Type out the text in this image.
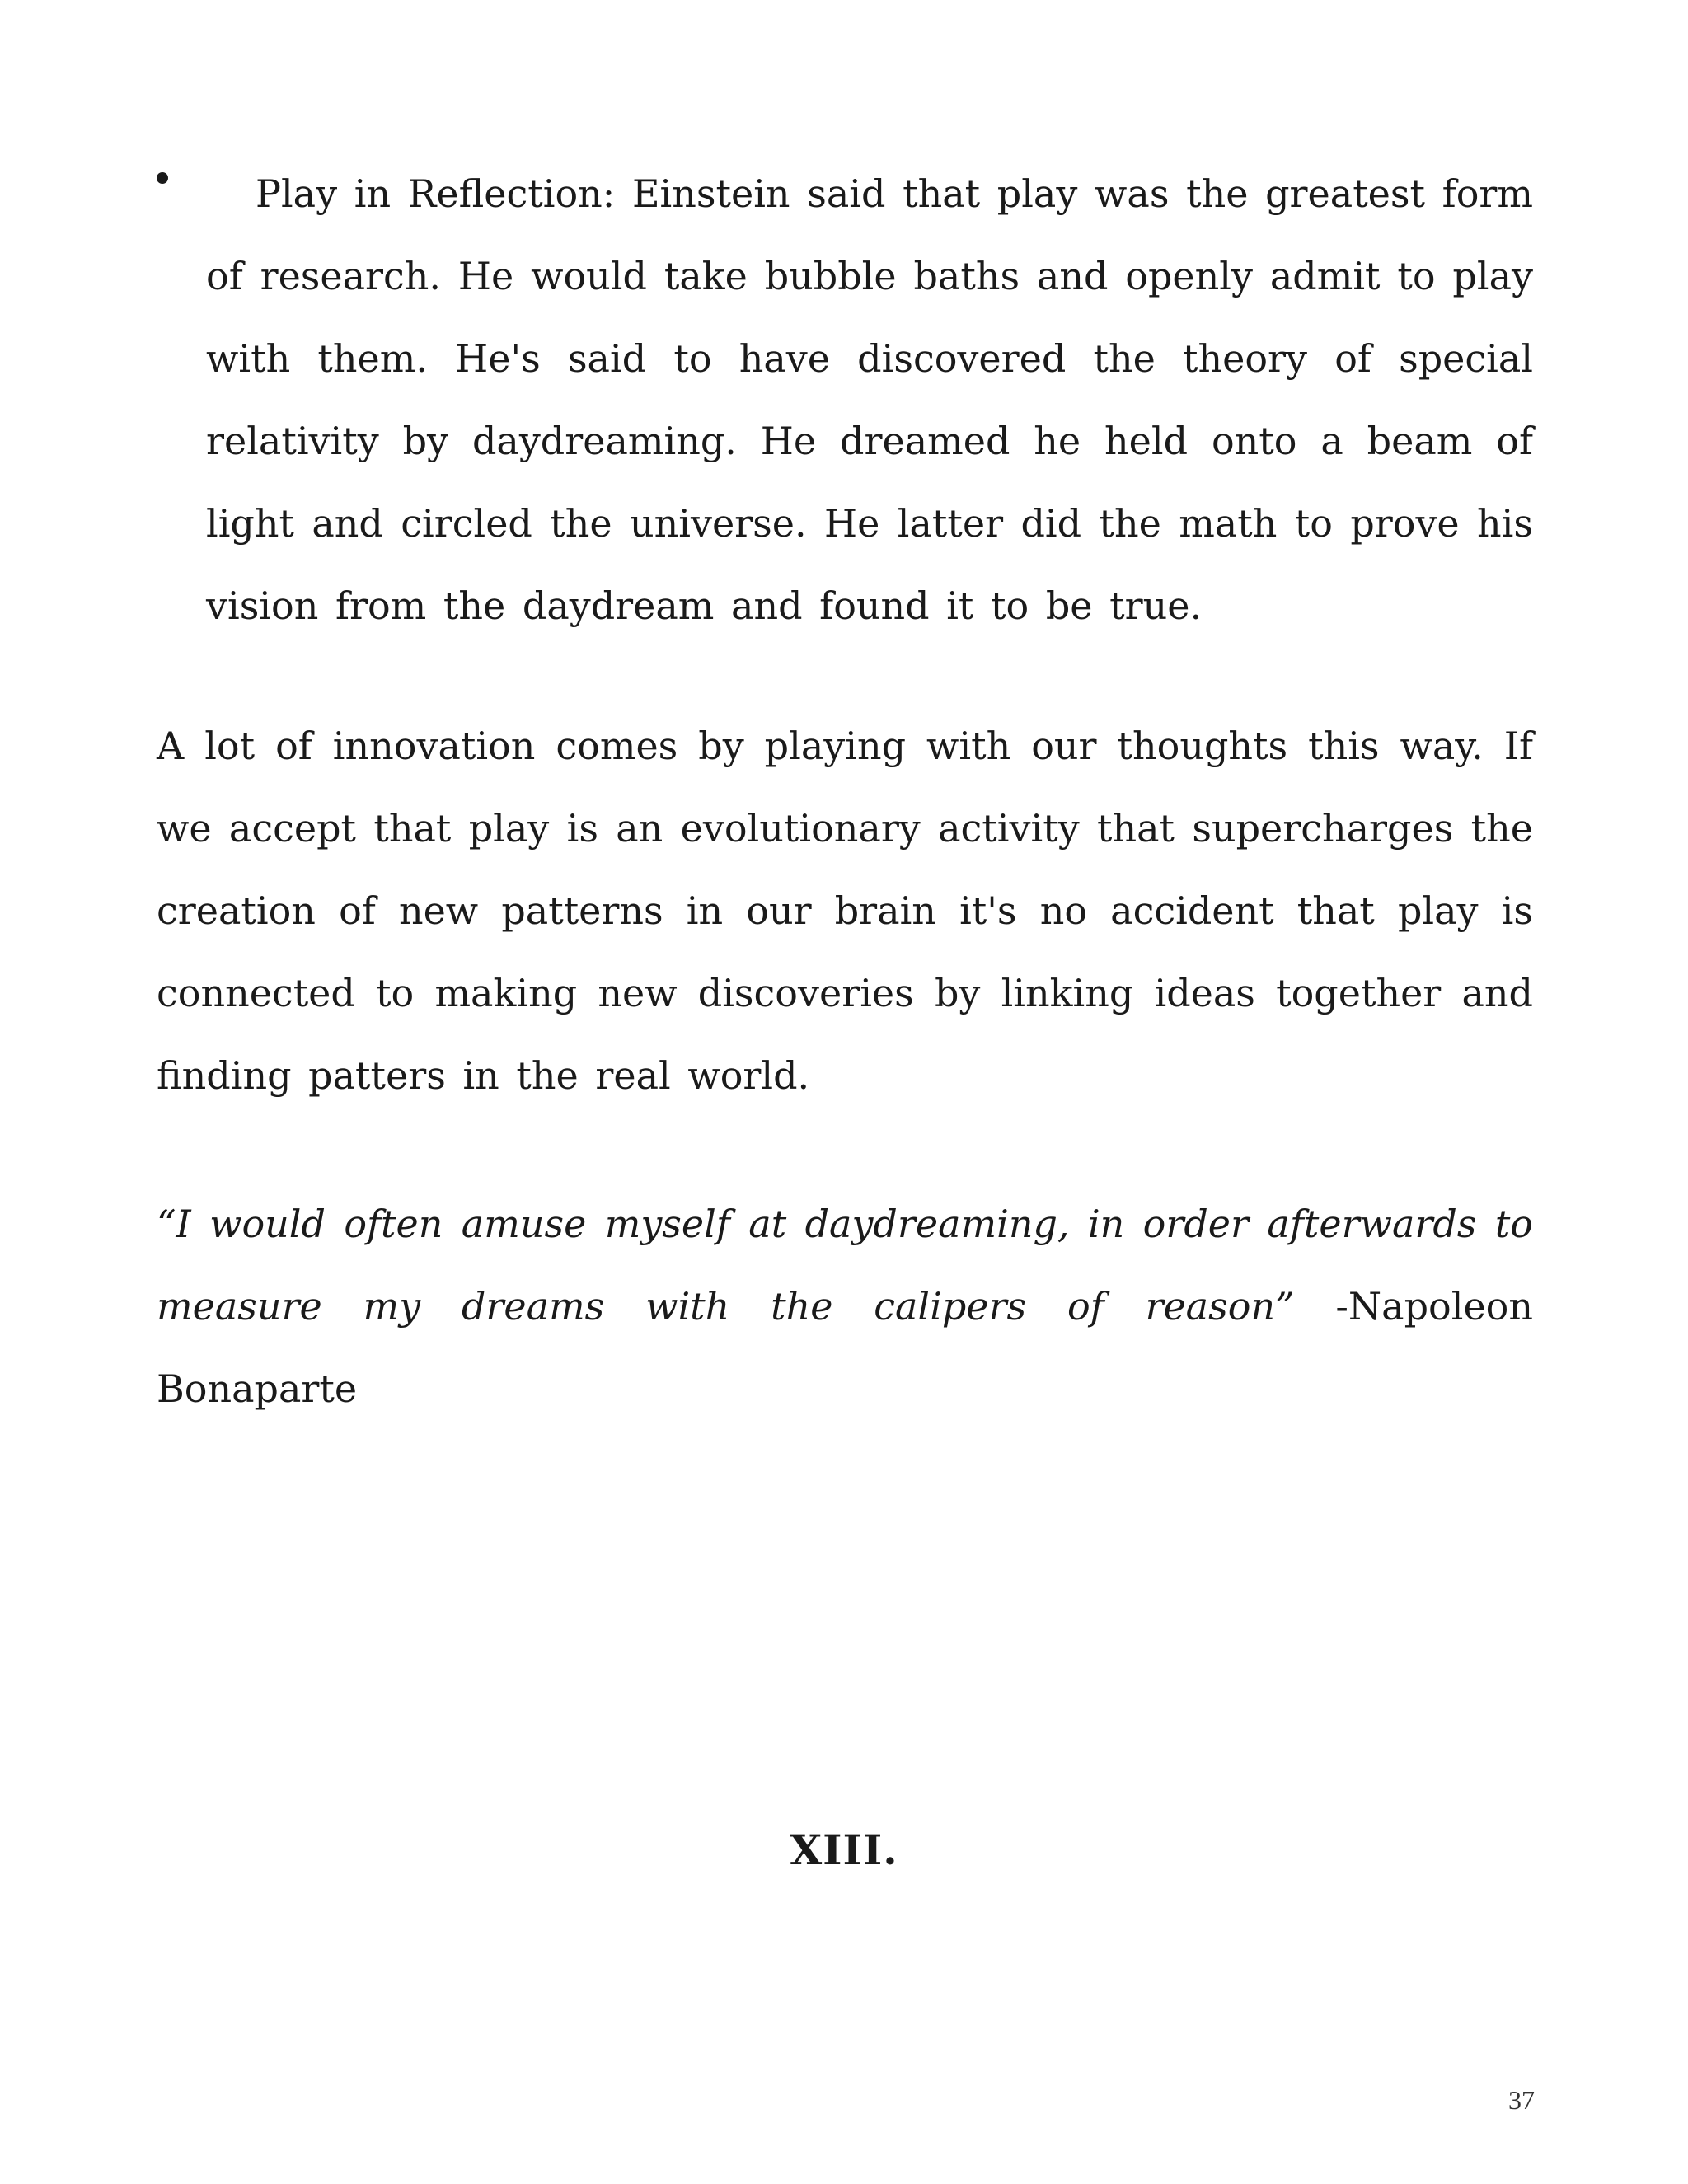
Play in Reflection: Einstein said that play was the greatest form of research. He would take bubble baths and openly admit to play with them. He's said to have discovered the theory of special relativity by daydreaming. He dreamed he held onto a beam of light and circled the universe. He latter did the math to prove his vision from the daydream and found it to be true.

A lot of innovation comes by playing with our thoughts this way. If we accept that play is an evolutionary activity that supercharges the creation of new patterns in our brain it's no accident that play is connected to making new discoveries by linking ideas together and finding patters in the real world.

“I would often amuse myself at daydreaming, in order afterwards to measure my dreams with the calipers of reason” -Napoleon Bonaparte

XIII.
37
